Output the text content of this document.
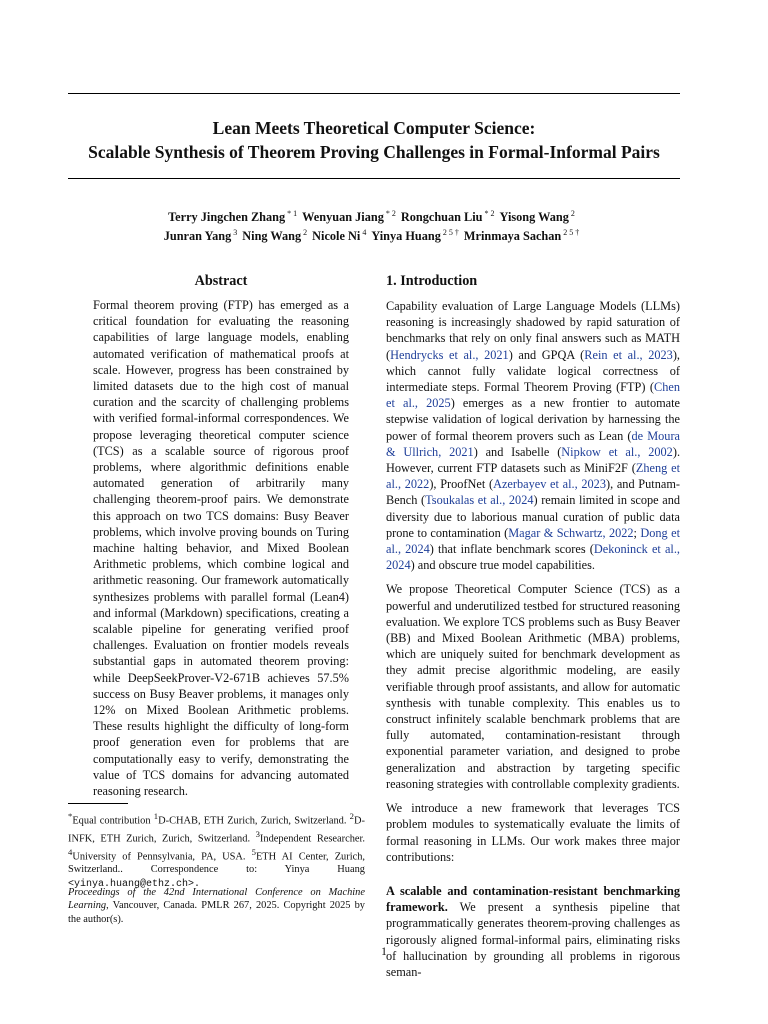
Lean Meets Theoretical Computer Science:
Scalable Synthesis of Theorem Proving Challenges in Formal-Informal Pairs
Terry Jingchen Zhang $^{* 1}$ Wenyuan Jiang $^{* 2}$ Rongchuan Liu $^{* 2}$ Yisong Wang $^2$
Junran Yang $^3$ Ning Wang $^2$ Nicole Ni $^4$ Yinya Huang $^{2 5 \dagger}$ Mrinmaya Sachan $^{2 5 \dagger}$
Abstract

Formal theorem proving (FTP) has emerged as a critical foundation for evaluating the reasoning capabilities of large language models, enabling automated verification of mathematical proofs at scale. However, progress has been constrained by limited datasets due to the high cost of manual curation and the scarcity of challenging problems with verified formal-informal correspondences. We propose leveraging theoretical computer science (TCS) as a scalable source of rigorous proof problems, where algorithmic definitions enable automated generation of arbitrarily many challenging theorem-proof pairs. We demonstrate this approach on two TCS domains: Busy Beaver problems, which involve proving bounds on Turing machine halting behavior, and Mixed Boolean Arithmetic problems, which combine logical and arithmetic reasoning. Our framework automatically synthesizes problems with parallel formal (Lean4) and informal (Markdown) specifications, creating a scalable pipeline for generating verified proof challenges. Evaluation on frontier models reveals substantial gaps in automated theorem proving: while DeepSeekProver-V2-671B achieves 57.5% success on Busy Beaver problems, it manages only 12% on Mixed Boolean Arithmetic problems. These results highlight the difficulty of long-form proof generation even for problems that are computationally easy to verify, demonstrating the value of TCS domains for advancing automated reasoning research.

*Equal contribution $^1$D-CHAB, ETH Zurich, Zurich, Switzerland. $^2$D-INFK, ETH Zurich, Zurich, Switzerland. $^3$Independent Researcher. $^4$University of Pennsylvania, PA, USA. $^5$ETH AI Center, Zurich, Switzerland.. Correspondence to: Yinya Huang <yinya.huang@ethz.ch>.
Proceedings of the 42nd International Conference on Machine Learning, Vancouver, Canada. PMLR 267, 2025. Copyright 2025 by the author(s).
1. Introduction

Capability evaluation of Large Language Models (LLMs) reasoning is increasingly shadowed by rapid saturation of benchmarks that rely on only final answers such as MATH (Hendrycks et al., 2021) and GPQA (Rein et al., 2023), which cannot fully validate logical correctness of intermediate steps. Formal Theorem Proving (FTP) (Chen et al., 2025) emerges as a new frontier to automate stepwise validation of logical derivation by harnessing the power of formal theorem provers such as Lean (de Moura & Ullrich, 2021) and Isabelle (Nipkow et al., 2002). However, current FTP datasets such as MiniF2F (Zheng et al., 2022), ProofNet (Azerbayev et al., 2023), and Putnam-Bench (Tsoukalas et al., 2024) remain limited in scope and diversity due to laborious manual curation of public data prone to contamination (Magar & Schwartz, 2022; Dong et al., 2024) that inflate benchmark scores (Dekoninck et al., 2024) and obscure true model capabilities.

We propose Theoretical Computer Science (TCS) as a powerful and underutilized testbed for structured reasoning evaluation. We explore TCS problems such as Busy Beaver (BB) and Mixed Boolean Arithmetic (MBA) problems, which are uniquely suited for benchmark development as they admit precise algorithmic modeling, are easily verifiable through proof assistants, and allow for automatic synthesis with tunable complexity. This enables us to construct infinitely scalable benchmark problems that are fully automated, contamination-resistant through exponential parameter variation, and designed to probe generalization and abstraction by targeting specific reasoning strategies with controllable complexity gradients.

We introduce a new framework that leverages TCS problem modules to systematically evaluate the limits of formal reasoning in LLMs. Our work makes three major contributions:

A scalable and contamination-resistant benchmarking framework. We present a synthesis pipeline that programmatically generates theorem-proving challenges as rigorously aligned formal-informal pairs, eliminating risks of hallucination by grounding all problems in rigorous seman-

1
